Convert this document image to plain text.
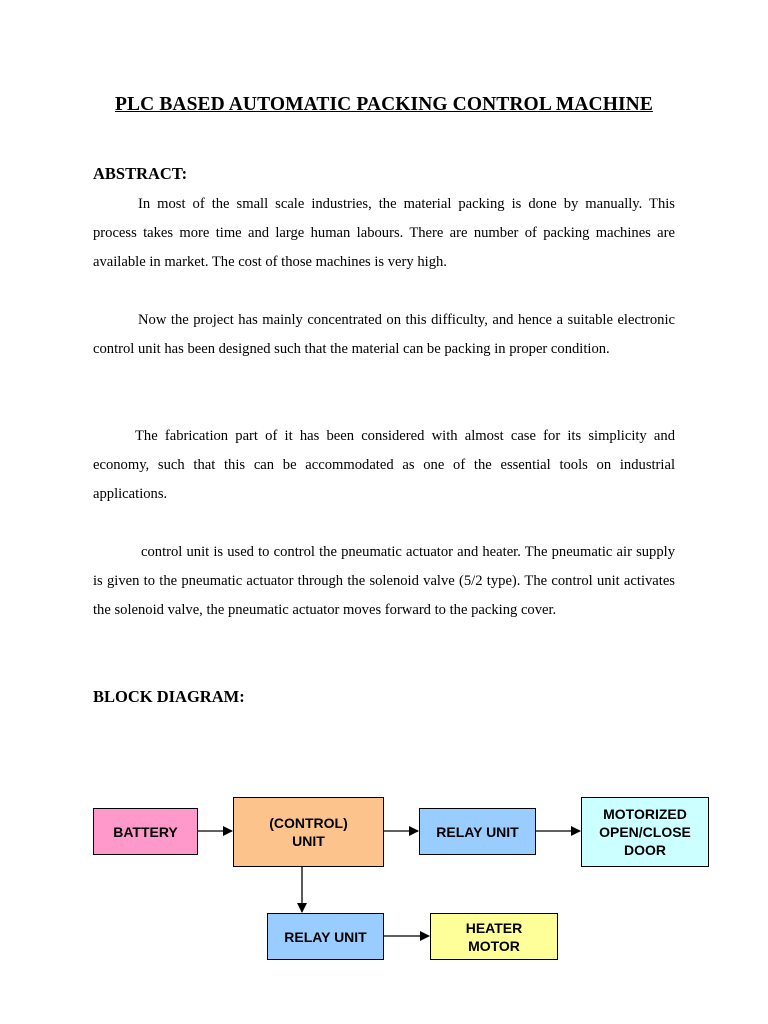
PLC BASED AUTOMATIC PACKING CONTROL MACHINE
ABSTRACT:
In most of the small scale industries, the material packing is done by manually. This process takes more time and large human labours. There are number of packing machines are available in market. The cost of those machines is very high.
Now the project has mainly concentrated on this difficulty, and hence a suitable electronic control unit has been designed such that the material can be packing in proper condition.
The fabrication part of it has been considered with almost case for its simplicity and economy, such that this can be accommodated as one of the essential tools on industrial applications.
control unit is used to control the pneumatic actuator and heater. The pneumatic air supply is given to the pneumatic actuator through the solenoid valve (5/2 type). The control unit activates the solenoid valve, the pneumatic actuator moves forward to the packing cover.
BLOCK DIAGRAM:
BATTERY
(CONTROL)
UNIT
RELAY UNIT
MOTORIZED
OPEN/CLOSE
DOOR
RELAY UNIT
HEATER
MOTOR
